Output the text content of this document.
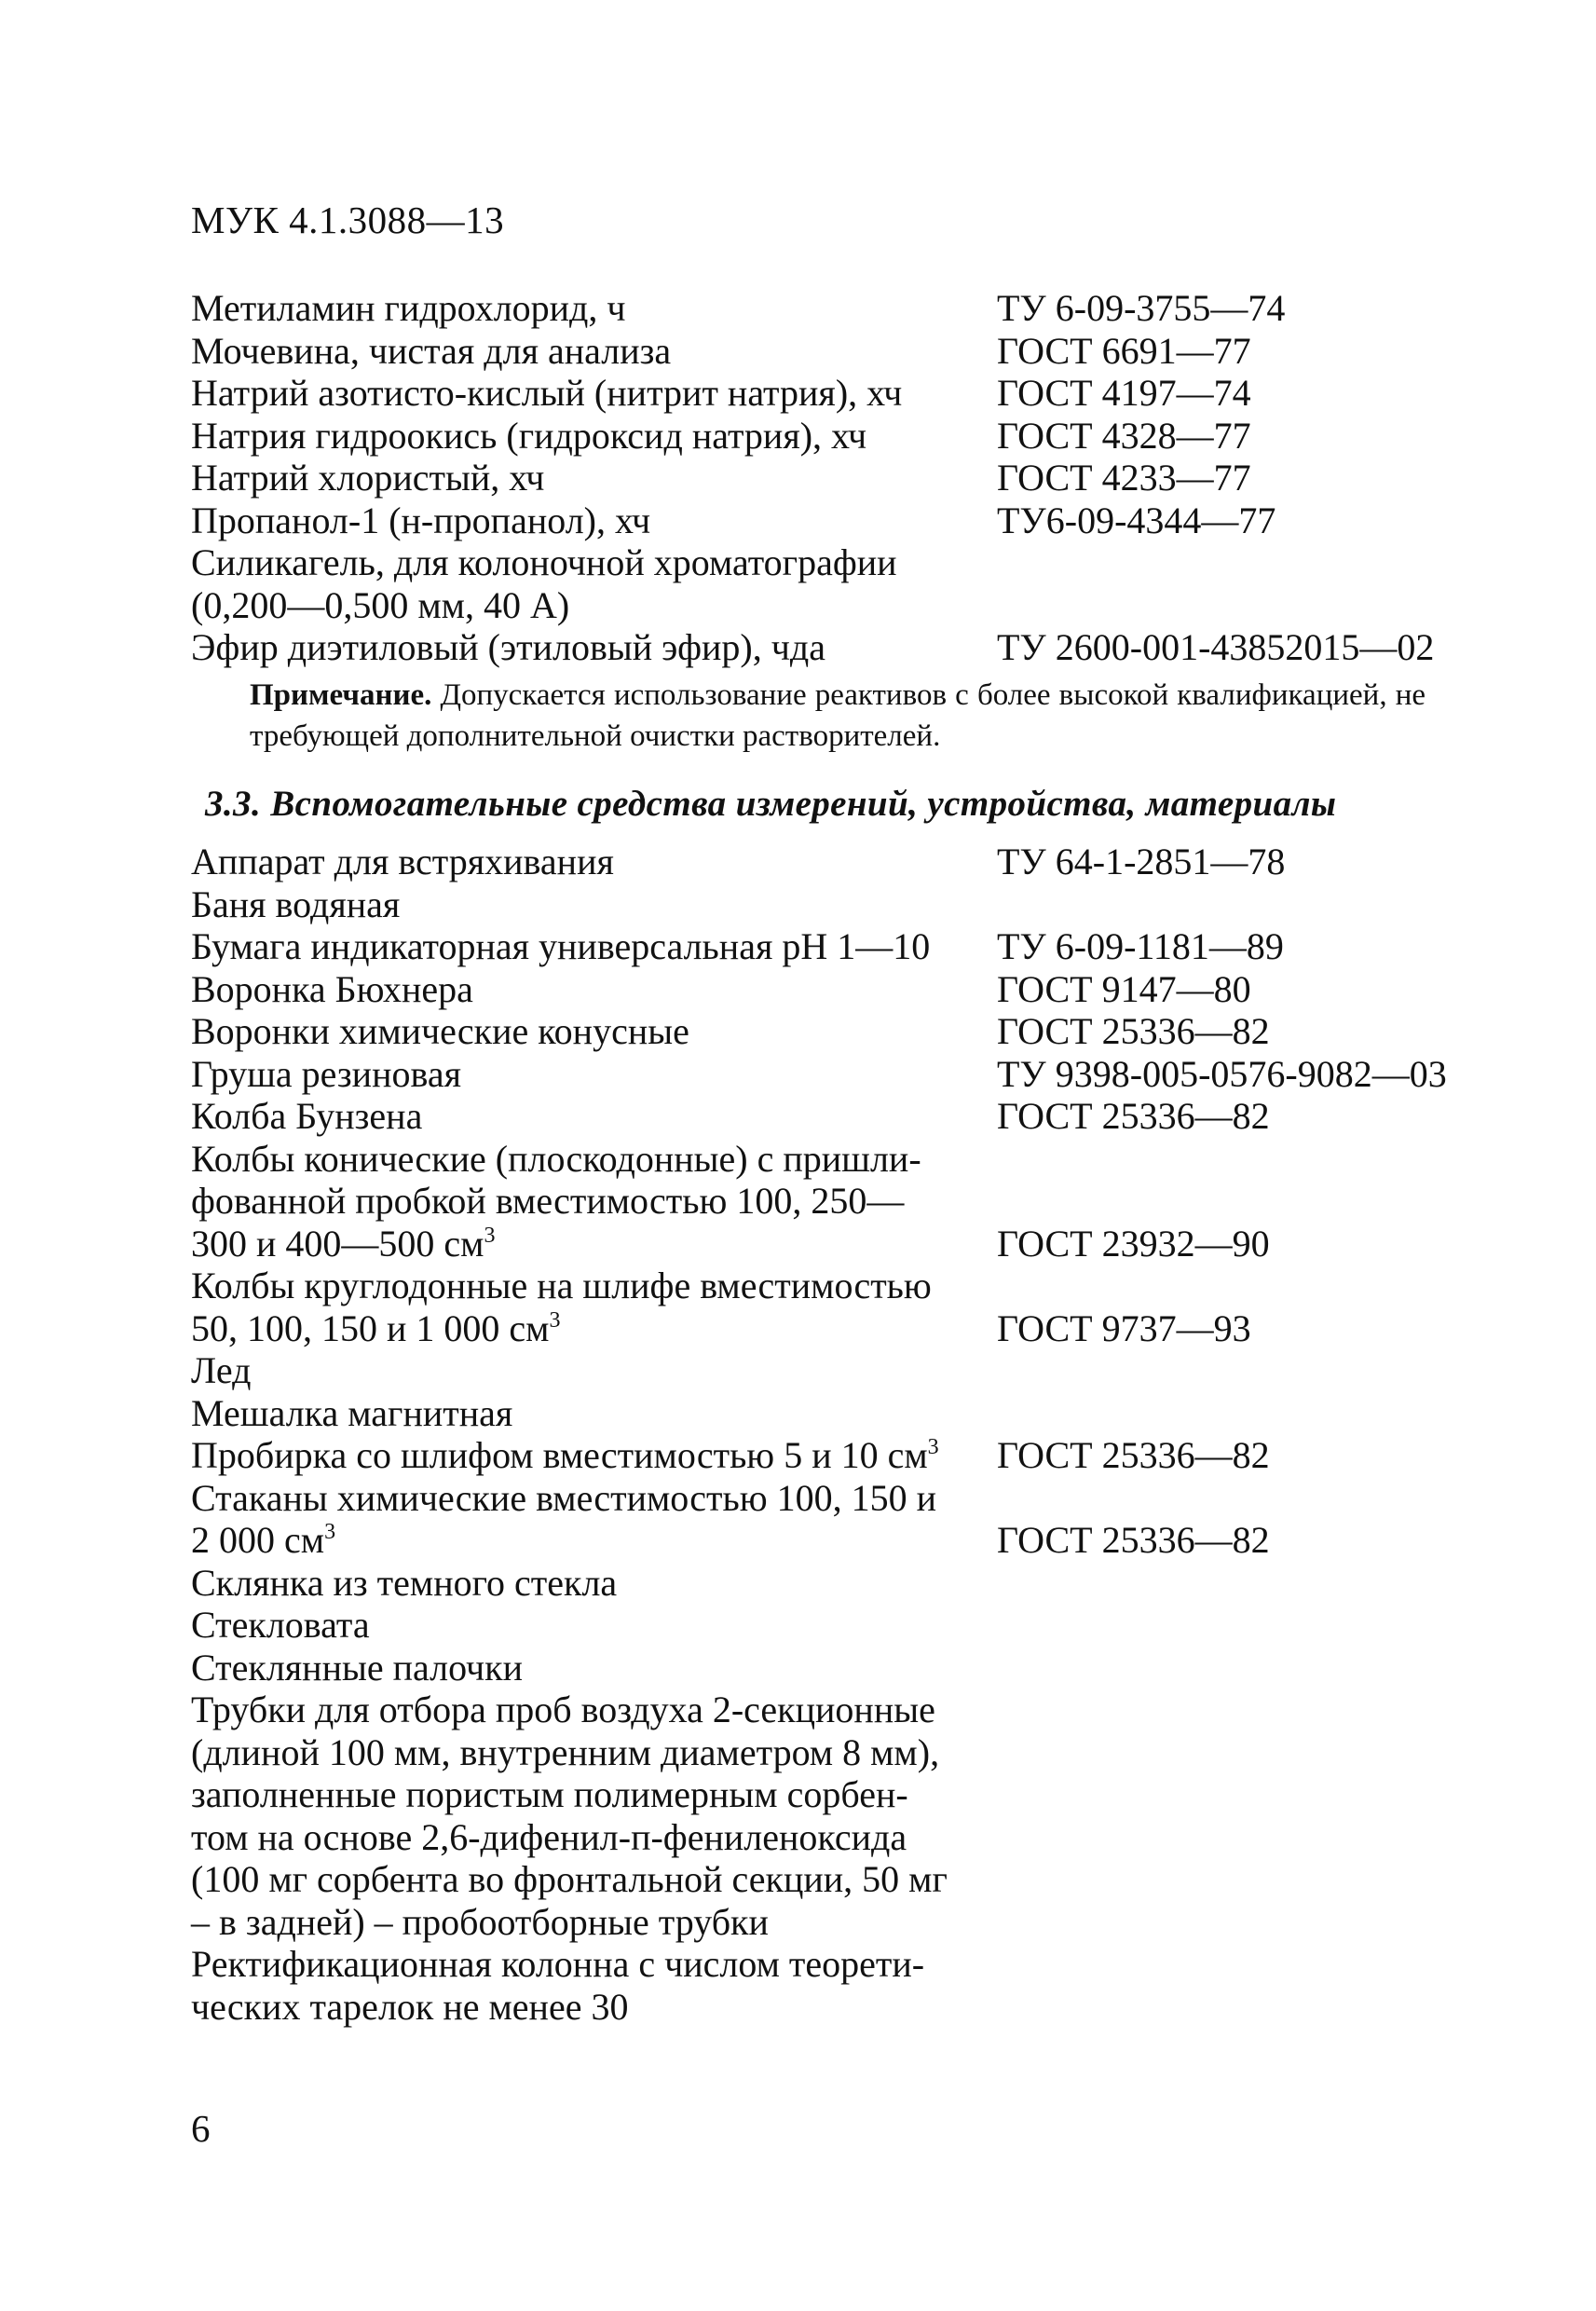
МУК 4.1.3088—13
Метиламин гидрохлорид, ч	ТУ 6-09-3755—74
Мочевина, чистая для анализа	ГОСТ 6691—77
Натрий азотисто-кислый (нитрит натрия), хч	ГОСТ 4197—74
Натрия гидроокись (гидроксид натрия), хч	ГОСТ 4328—77
Натрий хлористый, хч	ГОСТ 4233—77
Пропанол-1 (н-пропанол), хч	ТУ6-09-4344—77
Силикагель, для колоночной хроматографии
(0,200—0,500 мм, 40 А)
Эфир диэтиловый (этиловый эфир), чда	ТУ 2600-001-43852015—02
Примечание. Допускается использование реактивов с более высокой квалификацией, не требующей дополнительной очистки растворителей.
3.3. Вспомогательные средства измерений, устройства, материалы
Аппарат для встряхивания	ТУ 64-1-2851—78
Баня водяная
Бумага индикаторная универсальная рН 1—10 ТУ 6-09-1181—89
Воронка Бюхнера	ГОСТ 9147—80
Воронки химические конусные	ГОСТ 25336—82
Груша резиновая	ТУ 9398-005-0576-9082—03
Колба Бунзена	ГОСТ 25336—82
Колбы конические (плоскодонные) с пришли-
фованной пробкой вместимостью 100, 250—
300 и 400—500 $см^3$	ГОСТ 23932—90
Колбы круглодонные на шлифе вместимостью
50, 100, 150 и 1 000 $см^3$	ГОСТ 9737—93
Лед
Мешалка магнитная
Пробирка со шлифом вместимостью 5 и 10 $см^3$ ГОСТ 25336—82
Стаканы химические вместимостью 100, 150 и
2 000 $см^3$	ГОСТ 25336—82
Склянка из темного стекла
Стекловата
Стеклянные палочки
Трубки для отбора проб воздуха 2-секционные
(длиной 100 мм, внутренним диаметром 8 мм),
заполненные пористым полимерным сорбен-
том на основе 2,6-дифенил-п-фениленоксида
(100 мг сорбента во фронтальной секции, 50 мг
– в задней) – пробоотборные трубки
Ректификационная колонна с числом теорети-
ческих тарелок не менее 30
6
